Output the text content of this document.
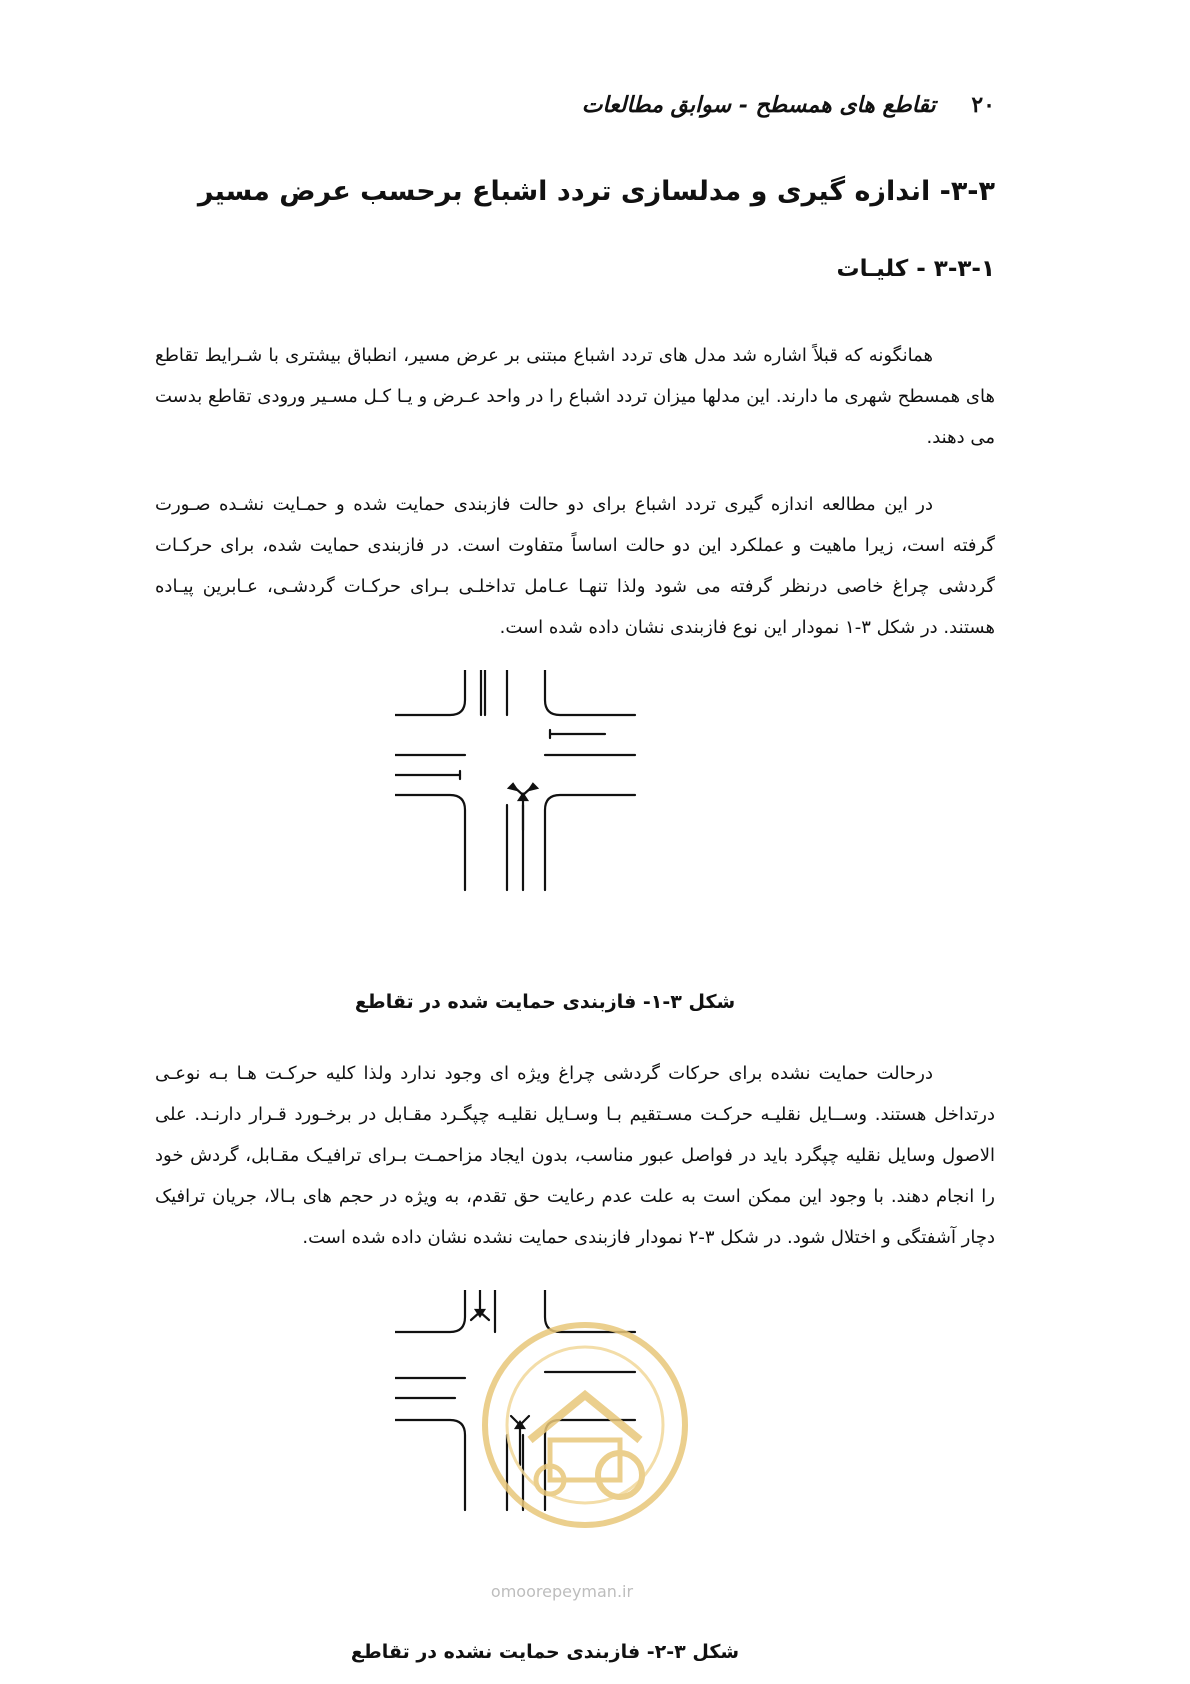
۲۰ تقاطع های همسطح - سوابق مطالعات
۳-۳- اندازه گیری و مدلسازی تردد اشباع برحسب عرض مسیر
۳-۳-۱ - کلیـات
همانگونه که قبلاً اشاره شد مدل های تردد اشباع مبتنی بر عرض مسیر، انطباق بیشتری با شـرایط تقاطع های همسطح شهری ما دارند. این مدلها میزان تردد اشباع را در واحد عـرض و یـا کـل مسـیر ورودی تقاطع بدست می دهند.
در این مطالعه اندازه گیری تردد اشباع برای دو حالت فازبندی حمایت شده و حمـایت نشـده صـورت گرفته است، زیرا ماهیت و عملکرد این دو حالت اساساً متفاوت است. در فازبندی حمایت شده، برای حرکـات گردشی چراغ خاصی درنظر گرفته می شود ولذا تنهـا عـامل تداخلـی بـرای حرکـات گردشـی، عـابرین پیـاده هستند. در شکل ۳-۱ نمودار این نوع فازبندی نشان داده شده است.
شکل ۳-۱- فازبندی حمایت شده در تقاطع
درحالت حمایت نشده برای حرکات گردشی چراغ ویژه ای وجود ندارد ولذا کلیه حرکـت هـا بـه نوعـی درتداخل هستند. وســایل نقلیـه حرکـت مسـتقیم بـا وسـایل نقلیـه چپگـرد مقـابل در برخـورد قـرار دارنـد. علی الاصول وسایل نقلیه چپگرد باید در فواصل عبور مناسب، بدون ایجاد مزاحمـت بـرای ترافیـک مقـابل، گردش خود را انجام دهند. با وجود این ممکن است به علت عدم رعایت حق تقدم، به ویژه در حجم های بـالا، جریان ترافیک دچار آشفتگی و اختلال شود. در شکل ۳-۲ نمودار فازبندی حمایت نشده نشان داده شده است.
omoorepeyman.ir
شکل ۳-۲- فازبندی حمایت نشده در تقاطع
